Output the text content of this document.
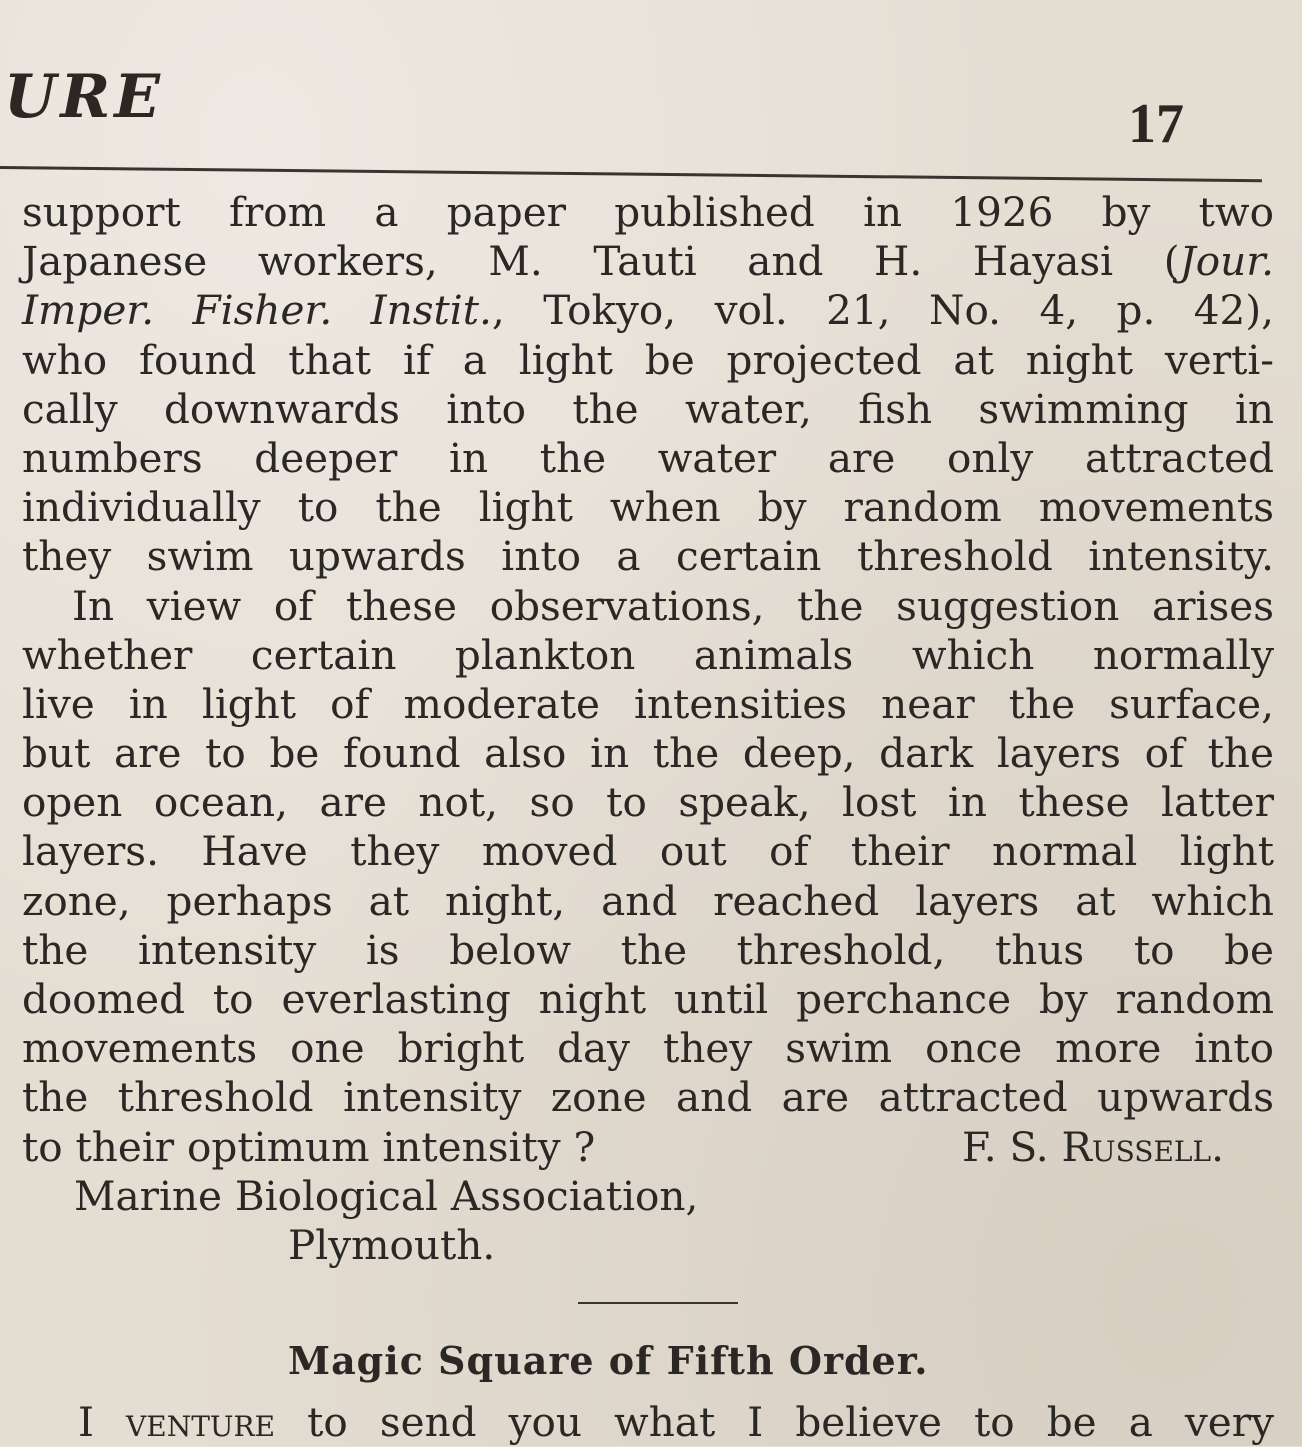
URE	17
support from a paper published in 1926 by two
Japanese workers, M. Tauti and H. Hayasi (Jour.
Imper. Fisher. Instit., Tokyo, vol. 21, No. 4, p. 42),
who found that if a light be projected at night verti-
cally downwards into the water, fish swimming in
numbers deeper in the water are only attracted
individually to the light when by random movements
they swim upwards into a certain threshold intensity.
In view of these observations, the suggestion arises
whether certain plankton animals which normally
live in light of moderate intensities near the surface,
but are to be found also in the deep, dark layers of the
open ocean, are not, so to speak, lost in these latter
layers. Have they moved out of their normal light
zone, perhaps at night, and reached layers at which
the intensity is below the threshold, thus to be
doomed to everlasting night until perchance by random
movements one bright day they swim once more into
the threshold intensity zone and are attracted upwards
to their optimum intensity ?	F. S. Russell.
Marine Biological Association,
Plymouth.
Magic Square of Fifth Order.
I venture to send you what I believe to be a very
